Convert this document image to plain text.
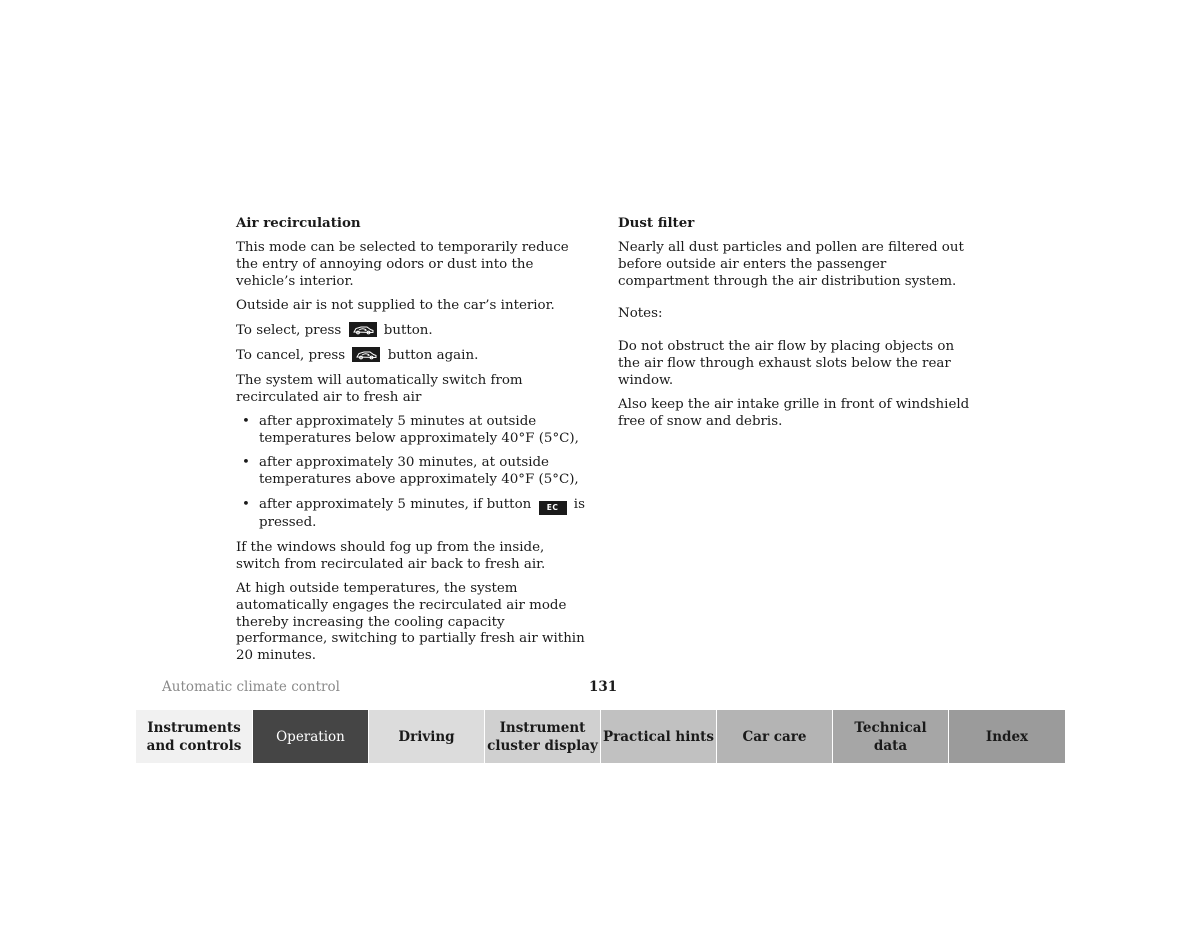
Air recirculation

This mode can be selected to temporarily reduce the entry of annoying odors or dust into the vehicle’s interior.

Outside air is not supplied to the car’s interior.

To select, press	button.

To cancel, press	button again.

The system will automatically switch from recirculated air to fresh air

• after approximately 5 minutes at outside temperatures below approximately 40°F (5°C),
• after approximately 30 minutes, at outside temperatures above approximately 40°F (5°C),
• after approximately 5 minutes, if button EC is pressed.

If the windows should fog up from the inside, switch from recirculated air back to fresh air.

At high outside temperatures, the system automatically engages the recirculated air mode thereby increasing the cooling capacity performance, switching to partially fresh air within 20 minutes.

Dust filter

Nearly all dust particles and pollen are filtered out before outside air enters the passenger compartment through the air distribution system.

Notes:

Do not obstruct the air flow by placing objects on the air flow through exhaust slots below the rear window.

Also keep the air intake grille in front of windshield free of snow and debris.

Automatic climate control	131
Instruments
and controls
Operation	Driving
Instrument
cluster display
Practical hints Car care
Technical
data
Index
